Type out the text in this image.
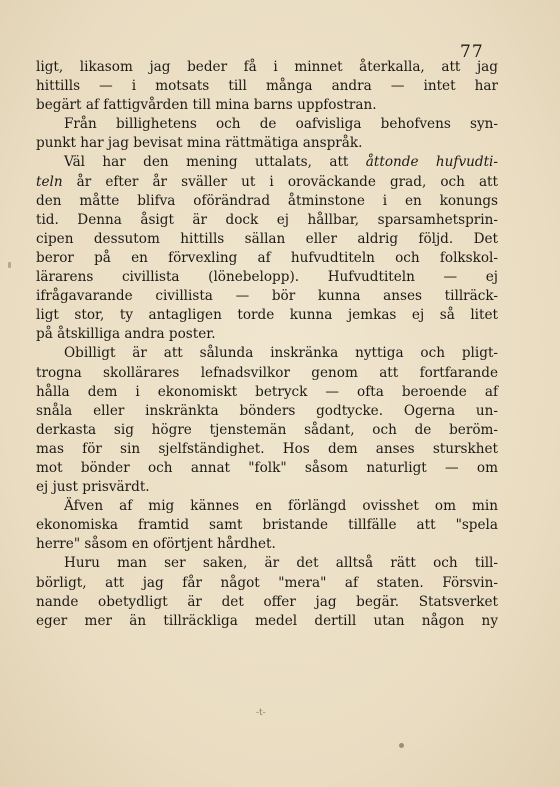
77
ligt, likasom jag beder få i minnet återkalla, att jag
hittills — i motsats till många andra — intet har
begärt af fattigvården till mina barns uppfostran.
Från billighetens och de oafvisliga behofvens syn-
punkt har jag bevisat mina rättmätiga anspråk.
Väl har den mening uttalats, att åttonde hufvudti-
teln år efter år sväller ut i oroväckande grad, och att
den måtte blifva oförändrad åtminstone i en konungs
tid. Denna åsigt är dock ej hållbar, sparsamhetsprin-
cipen dessutom hittills sällan eller aldrig följd. Det
beror på en förvexling af hufvudtiteln och folkskol-
lärarens civillista (lönebelopp). Hufvudtiteln — ej
ifrågavarande civillista — bör kunna anses tillräck-
ligt stor, ty antagligen torde kunna jemkas ej så litet
på åtskilliga andra poster.
Obilligt är att sålunda inskränka nyttiga och pligt-
trogna skollärares lefnadsvilkor genom att fortfarande
hålla dem i ekonomiskt betryck — ofta beroende af
snåla eller inskränkta bönders godtycke. Ogerna un-
derkasta sig högre tjenstemän sådant, och de beröm-
mas för sin sjelfständighet. Hos dem anses sturskhet
mot bönder och annat "folk" såsom naturligt — om
ej just prisvärdt.
Äfven af mig kännes en förlängd ovisshet om min
ekonomiska framtid samt bristande tillfälle att "spela
herre" såsom en oförtjent hårdhet.
Huru man ser saken, är det alltså rätt och till-
börligt, att jag får något "mera" af staten. Försvin-
nande obetydligt är det offer jag begär. Statsverket
eger mer än tillräckliga medel dertill utan någon ny
-t-
